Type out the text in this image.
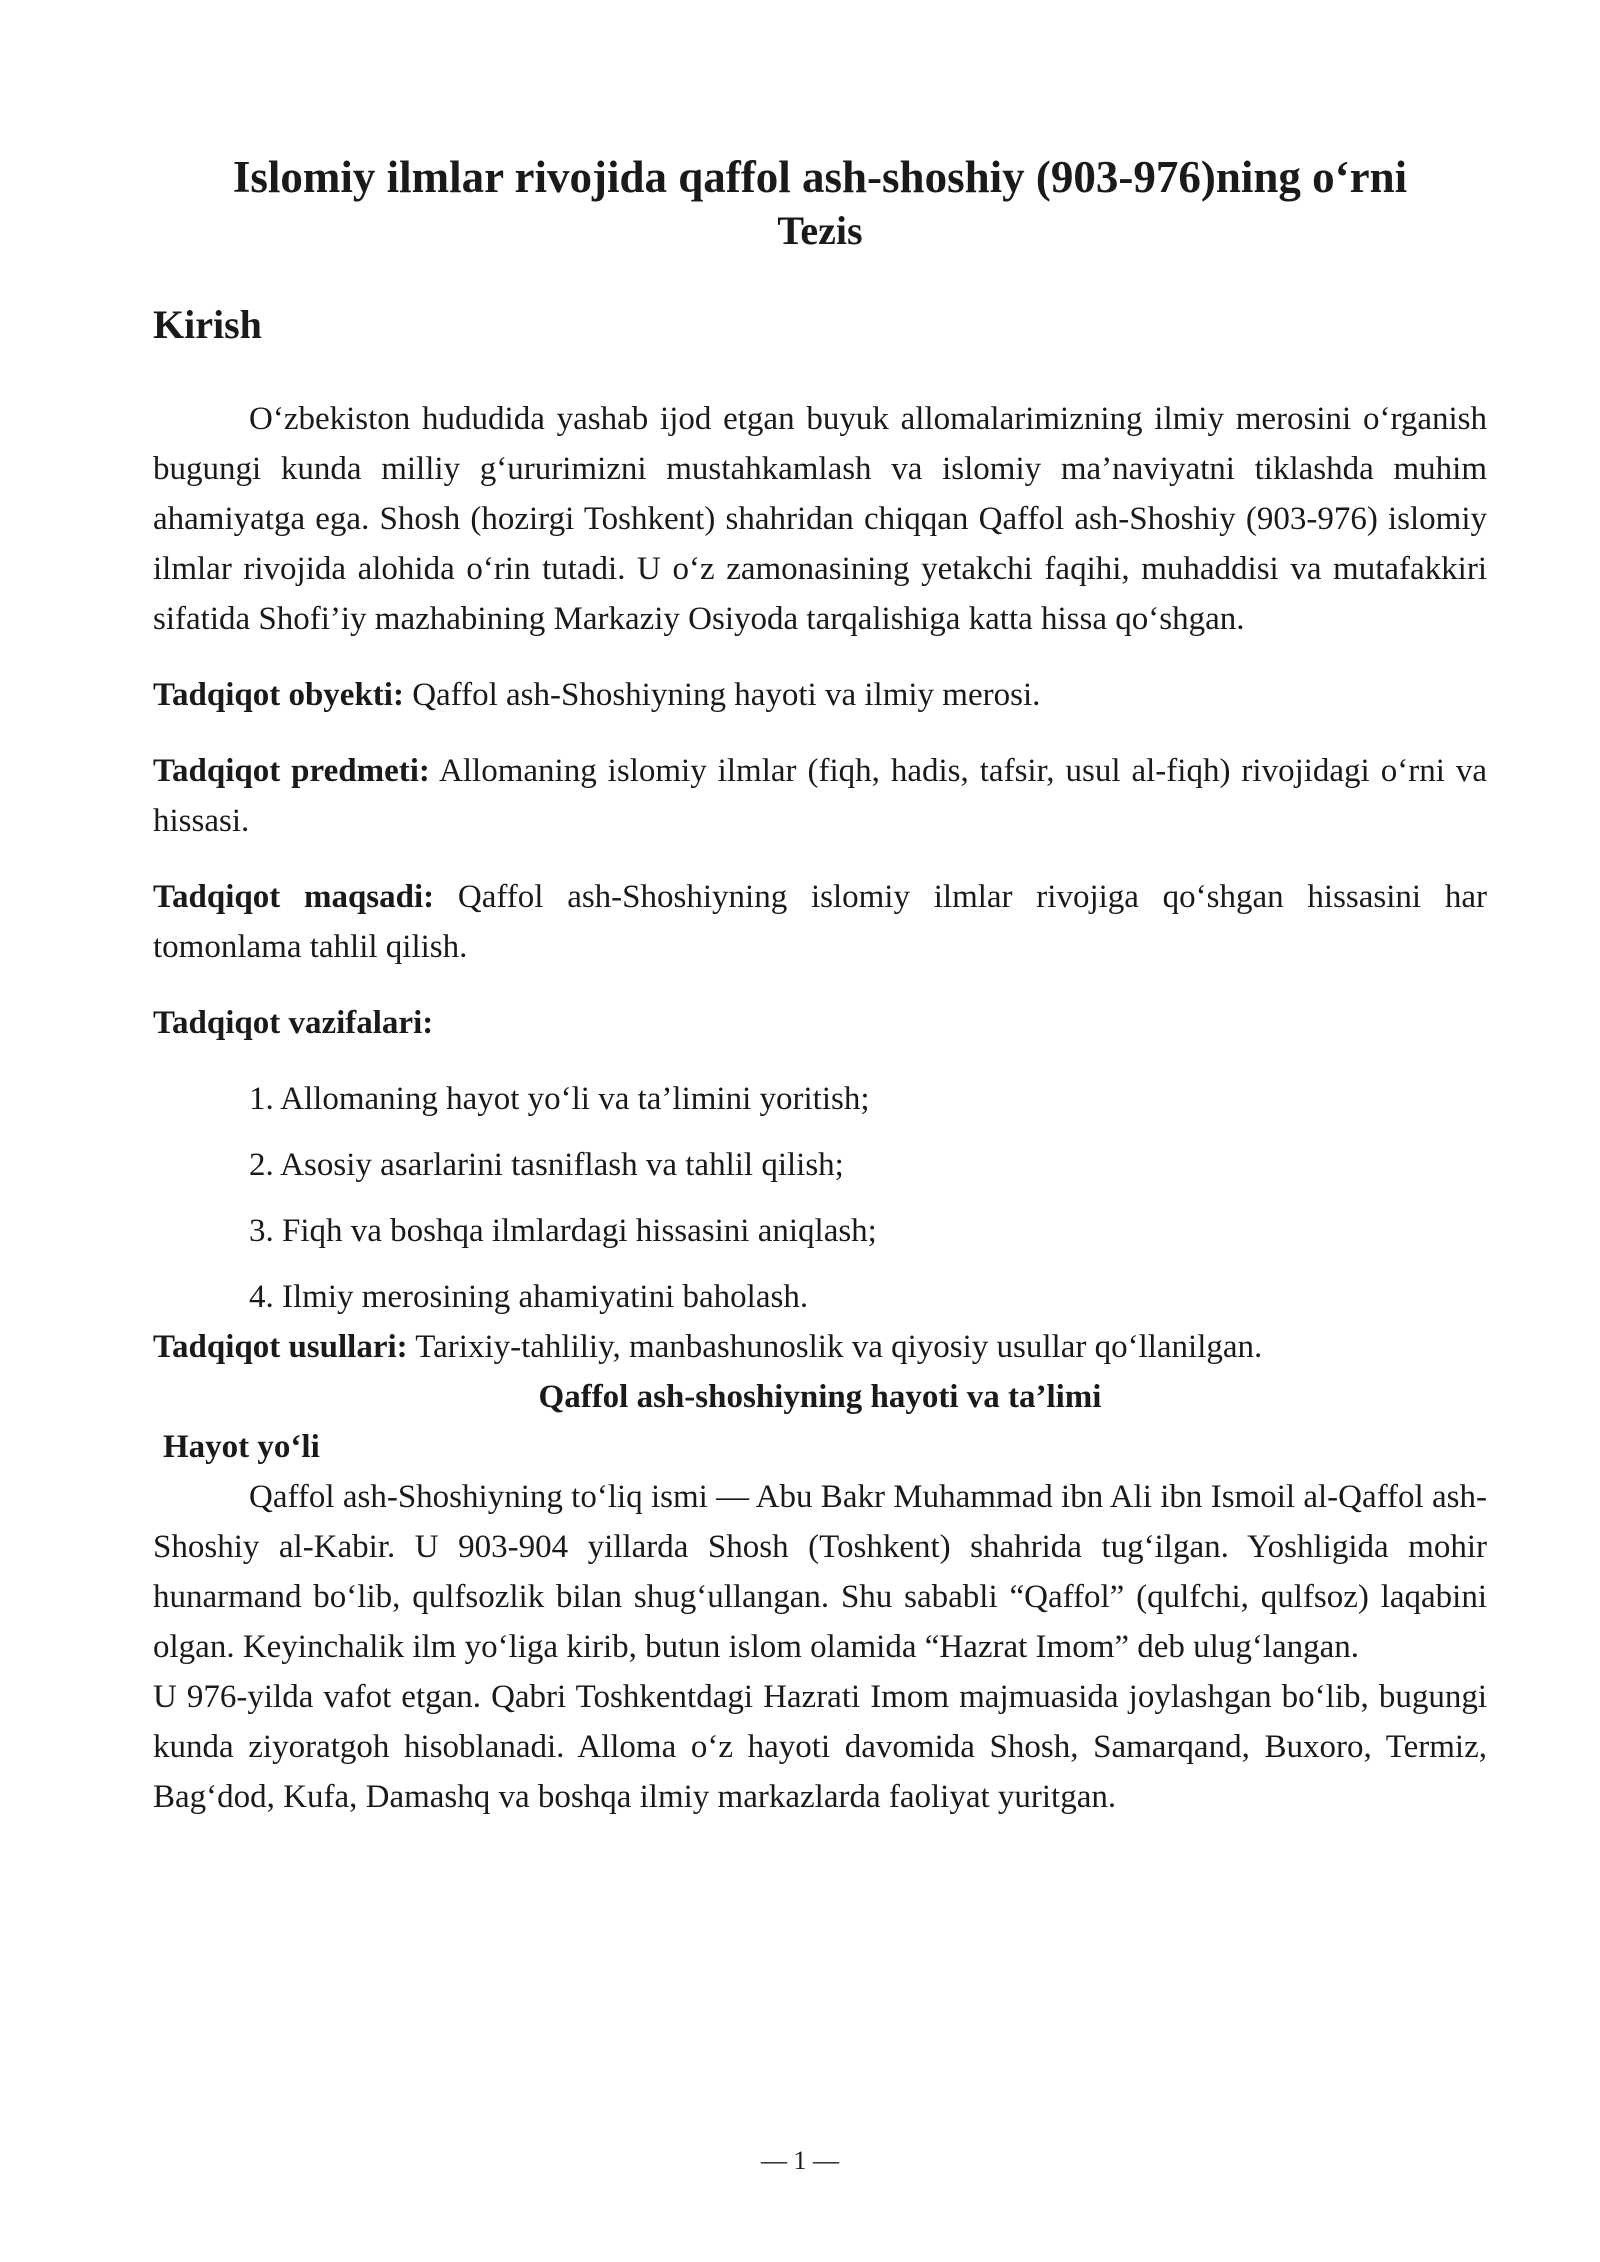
Islomiy ilmlar rivojida qaffol ash-shoshiy (903-976)ning o‘rni
Tezis
Kirish

O‘zbekiston hududida yashab ijod etgan buyuk allomalarimizning ilmiy merosini o‘rganish bugungi kunda milliy g‘ururimizni mustahkamlash va islomiy ma’naviyatni tiklashda muhim ahamiyatga ega. Shosh (hozirgi Toshkent) shahridan chiqqan Qaffol ash-Shoshiy (903-976) islomiy ilmlar rivojida alohida o‘rin tutadi. U o‘z zamonasining yetakchi faqihi, muhaddisi va mutafakkiri sifatida Shofi’iy mazhabining Markaziy Osiyoda tarqalishiga katta hissa qo‘shgan.

Tadqiqot obyekti: Qaffol ash-Shoshiyning hayoti va ilmiy merosi.

Tadqiqot predmeti: Allomaning islomiy ilmlar (fiqh, hadis, tafsir, usul al-fiqh) rivojidagi o‘rni va hissasi.

Tadqiqot maqsadi: Qaffol ash-Shoshiyning islomiy ilmlar rivojiga qo‘shgan hissasini har tomonlama tahlil qilish.

Tadqiqot vazifalari:

1. Allomaning hayot yo‘li va ta’limini yoritish;
2. Asosiy asarlarini tasniflash va tahlil qilish;
3. Fiqh va boshqa ilmlardagi hissasini aniqlash;
4. Ilmiy merosining ahamiyatini baholash.

Tadqiqot usullari: Tarixiy-tahliliy, manbashunoslik va qiyosiy usullar qo‘llanilgan.

Qaffol ash-shoshiyning hayoti va ta’limi
Hayot yo‘li

Qaffol ash-Shoshiyning to‘liq ismi — Abu Bakr Muhammad ibn Ali ibn Ismoil al-Qaffol ash-Shoshiy al-Kabir. U 903-904 yillarda Shosh (Toshkent) shahrida tug‘ilgan. Yoshligida mohir hunarmand bo‘lib, qulfsozlik bilan shug‘ullangan. Shu sababli “Qaffol” (qulfchi, qulfsoz) laqabini olgan. Keyinchalik ilm yo‘liga kirib, butun islom olamida “Hazrat Imom” deb ulug‘langan.

U 976-yilda vafot etgan. Qabri Toshkentdagi Hazrati Imom majmuasida joylashgan bo‘lib, bugungi kunda ziyoratgoh hisoblanadi. Alloma o‘z hayoti davomida Shosh, Samarqand, Buxoro, Termiz, Bag‘dod, Kufa, Damashq va boshqa ilmiy markazlarda faoliyat yuritgan.

— 1 —
